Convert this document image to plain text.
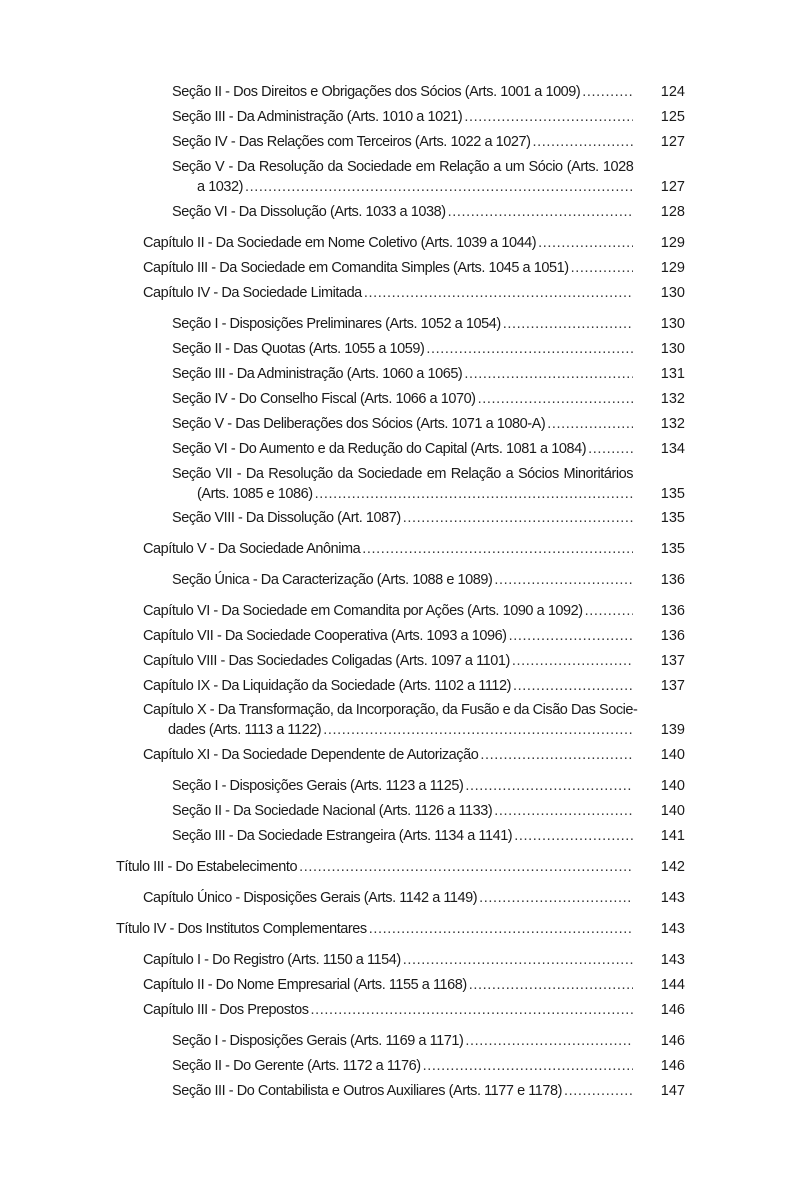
Seção II - Dos Direitos e Obrigações dos Sócios (Arts. 1001 a 1009) .....	124
Seção III - Da Administração (Arts. 1010 a 1021) .....	125
Seção IV - Das Relações com Terceiros (Arts. 1022 a 1027) .....	127
Seção V - Da Resolução da Sociedade em Relação a um Sócio (Arts. 1028
a 1032) .....	127
Seção VI - Da Dissolução (Arts. 1033 a 1038) .....	128
Capítulo II - Da Sociedade em Nome Coletivo (Arts. 1039 a 1044) .....	129
Capítulo III - Da Sociedade em Comandita Simples (Arts. 1045 a 1051) .....	129
Capítulo IV - Da Sociedade Limitada .....	130
Seção I - Disposições Preliminares (Arts. 1052 a 1054) .....	130
Seção II - Das Quotas (Arts. 1055 a 1059) .....	130
Seção III - Da Administração (Arts. 1060 a 1065) .....	131
Seção IV - Do Conselho Fiscal (Arts. 1066 a 1070) .....	132
Seção V - Das Deliberações dos Sócios (Arts. 1071 a 1080-A) .....	132
Seção VI - Do Aumento e da Redução do Capital (Arts. 1081 a 1084) .....	134
Seção VII - Da Resolução da Sociedade em Relação a Sócios Minoritários
(Arts. 1085 e 1086) .....	135
Seção VIII - Da Dissolução (Art. 1087) .....	135
Capítulo V - Da Sociedade Anônima .....	135
Seção Única - Da Caracterização (Arts. 1088 e 1089) .....	136
Capítulo VI - Da Sociedade em Comandita por Ações (Arts. 1090 a 1092) .....	136
Capítulo VII - Da Sociedade Cooperativa (Arts. 1093 a 1096) .....	136
Capítulo VIII - Das Sociedades Coligadas (Arts. 1097 a 1101) .....	137
Capítulo IX - Da Liquidação da Sociedade (Arts. 1102 a 1112) .....	137
Capítulo X - Da Transformação, da Incorporação, da Fusão e da Cisão Das Socie-
dades (Arts. 1113 a 1122) .....	139
Capítulo XI - Da Sociedade Dependente de Autorização .....	140
Seção I - Disposições Gerais (Arts. 1123 a 1125) .....	140
Seção II - Da Sociedade Nacional (Arts. 1126 a 1133) .....	140
Seção III - Da Sociedade Estrangeira (Arts. 1134 a 1141) .....	141
Título III - Do Estabelecimento .....	142
Capítulo Único - Disposições Gerais (Arts. 1142 a 1149) .....	143
Título IV - Dos Institutos Complementares .....	143
Capítulo I - Do Registro (Arts. 1150 a 1154) .....	143
Capítulo II - Do Nome Empresarial (Arts. 1155 a 1168) .....	144
Capítulo III - Dos Prepostos .....	146
Seção I - Disposições Gerais (Arts. 1169 a 1171) .....	146
Seção II - Do Gerente (Arts. 1172 a 1176) .....	146
Seção III - Do Contabilista e Outros Auxiliares (Arts. 1177 e 1178) .....	147
